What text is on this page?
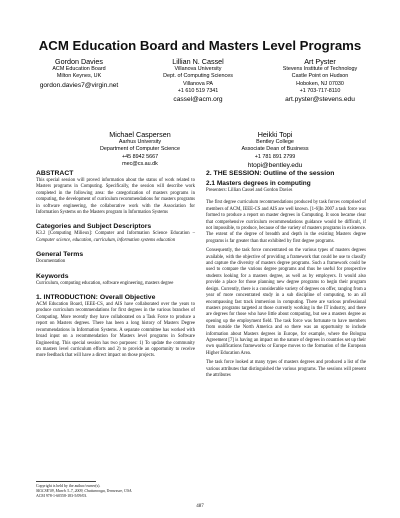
ACM Education Board and Masters Level Programs
Gordon Davies
ACM Education Board
Milton Keynes, UK
gordon.davies7@virgin.net
Lillian N. Cassel
Villanova University
Dept. of Computing Sciences
Villanova PA
+1 610 519 7341
cassel@acm.org
Art Pyster
Stevens Institute of Technology
Castle Point on Hudson
Hoboken, NJ 07030
+1 703-717-8110
art.pyster@stevens.edu
Michael Caspersen
Aarhus University
Department of Computer Science
+45 8942 5667
mec@cs.au.dk
Heikki Topi
Bentley College
Associate Dean of Business
+1 781 891 2799
htopi@bentley.edu

ABSTRACT

This special session will proved information about the status of work related to Masters programs in Computing. Specifically, the session will describe work completed in the following area: the categorization of masters programs in computing, the development of curriculum recommendations for masters programs in software engineering, the collaborative work with the Association for Information Systems on the Masters program in Information Systems

Categories and Subject Descriptors

K3.2 [Computing Milieux]: Computer and Information Science Education – Computer science, education, curriculum, information systems education

General Terms

Documentation

Keywords

Curriculum, computing education, software engineering, masters degree

1. INTRODUCTION: Overall Objective

ACM Education Board, IEEE-CS, and AIS have collaborated over the years to produce curriculum recommendations for first degrees in the various branches of Computing. More recently they have collaborated on a Task Force to produce a report on Masters degrees. There has been a long history of Masters Degree recommendations in Information Systems. A separate committee has worked with broad input on a recommendation for Masters level programs in Software Engineering. This special session has two purposes: 1) To update the community on masters level curriculum efforts and 2) to provide an opportunity to receive more feedback that will have a direct impact on those projects.

2. THE SESSION: Outline of the session

2.1 Masters degrees in computing

Presenters: Lillian Cassel and Gordon Davies

The first degree curriculum recommendations produced by task forces comprised of members of ACM, IEEE-CS and AIS are well known. [1-6]In 2007 a task force was formed to produce a report on master degrees in Computing. It soon became clear that comprehensive curriculum recommendations guidance would be difficult, if not impossible, to produce, because of the variety of masters programs in existence. The extent of the degree of breadth and depth in the existing Masters degree programs is far greater than that exhibited by first degree programs.

Consequently, the task force concentrated on the various types of masters degrees available, with the objective of providing a framework that could be use to classify and capture the diversity of masters degree programs. Such a framework could be used to compare the various degree programs and thus be useful for prospective students looking for a masters degree, as well as by employers. It would also provide a place for those planning new degree programs to begin their program design. Currently, there is a considerable variety of degrees on offer, ranging from a year of more concentrated study in a sub discipline of computing, to an all encompassing fast track immersion in computing. There are various professional masters programs targeted at those currently working in the IT industry, and there are degrees for those who have little about computing, but see a masters degree as opening up the employment field. The task force was fortunate to have members from outside the North America and so there was an opportunity to include information about Masters degrees in Europe, for example, where the Bologna Agreement [7] is having an impact on the nature of degrees in countries set up their own qualifications frameworks or Europe moves to the formation of the European Higher Education Area.

The task force looked at many types of masters degrees and produced a list of the various attributes that distinguished the various programs. The sessions will present the attributes

Copyright is held by the author/owner(s).
SIGCSE'09, March 3–7, 2009, Chattanooga, Tennessee, USA.
ACM 978-1-60558-183-5/09/03.
487
